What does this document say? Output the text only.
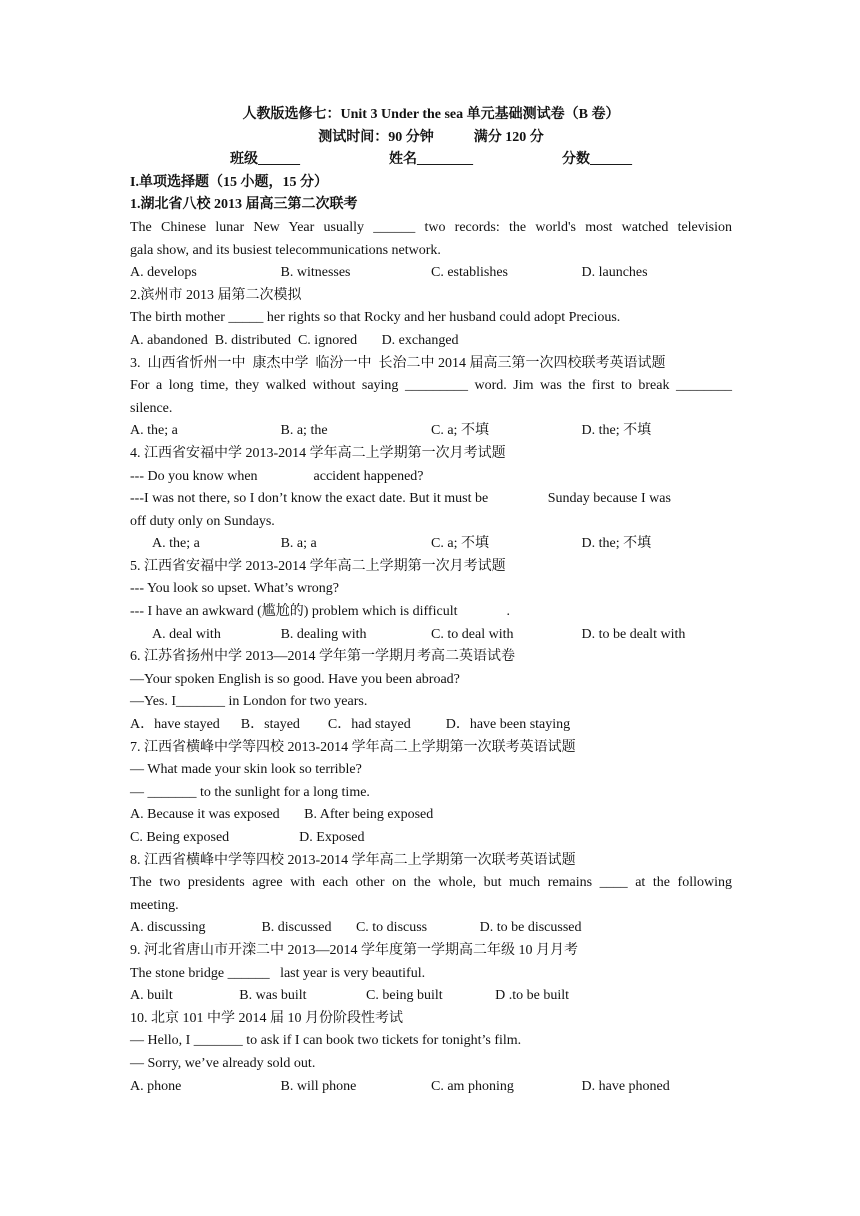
人教版选修七：Unit 3 Under the sea 单元基础测试卷（B 卷）
测试时间：90 分钟	满分 120 分
班级______	姓名________	分数______
I.单项选择题（15 小题，15 分）
1.湖北省八校 2013 届高三第二次联考
The Chinese lunar New Year usually ______ two records: the world's most watched television
gala show, and its busiest telecommunications network.
A. develops	B. witnesses	C. establishes	D. launches
2.滨州市 2013 届第二次模拟
The birth mother _____ her rights so that Rocky and her husband could adopt Precious.
A. abandoned  B. distributed  C. ignored       D. exchanged
3.  山西省忻州一中  康杰中学  临汾一中  长治二中 2014 届高三第一次四校联考英语试题
For a long time, they walked without saying _________ word. Jim was the first to break ________
silence.
A. the; a	B. a; the	C. a; 不填	D. the; 不填
4. 江西省安福中学 2013-2014 学年高二上学期第一次月考试题
--- Do you know when                accident happened?
---I was not there, so I don’t know the exact date. But it must be                 Sunday because I was
off duty only on Sundays.
A. the; a	B. a; a	C. a; 不填	D. the; 不填
5. 江西省安福中学 2013-2014 学年高二上学期第一次月考试题
--- You look so upset. What’s wrong?
--- I have an awkward (尴尬的) problem which is difficult              .
A. deal with	B. dealing with	C. to deal with	D. to be dealt with
6. 江苏省扬州中学 2013—2014 学年第一学期月考高二英语试卷
—Your spoken English is so good. Have you been abroad?
—Yes. I_______ in London for two years.
A．have stayed      B．stayed        C．had stayed          D．have been staying
7. 江西省横峰中学等四校 2013-2014 学年高二上学期第一次联考英语试题
— What made your skin look so terrible?
— _______ to the sunlight for a long time.
A. Because it was exposed       B. After being exposed
C. Being exposed                    D. Exposed
8. 江西省横峰中学等四校 2013-2014 学年高二上学期第一次联考英语试题
The two presidents agree with each other on the whole, but much remains ____ at the following
meeting.
A. discussing                B. discussed       C. to discuss               D. to be discussed
9. 河北省唐山市开滦二中 2013—2014 学年度第一学期高二年级 10 月月考
The stone bridge ______   last year is very beautiful.
A. built                   B. was built                 C. being built               D .to be built
10. 北京 101 中学 2014 届 10 月份阶段性考试
— Hello, I _______ to ask if I can book two tickets for tonight’s film.
— Sorry, we’ve already sold out.
A. phone	B. will phone	C. am phoning	D. have phoned
